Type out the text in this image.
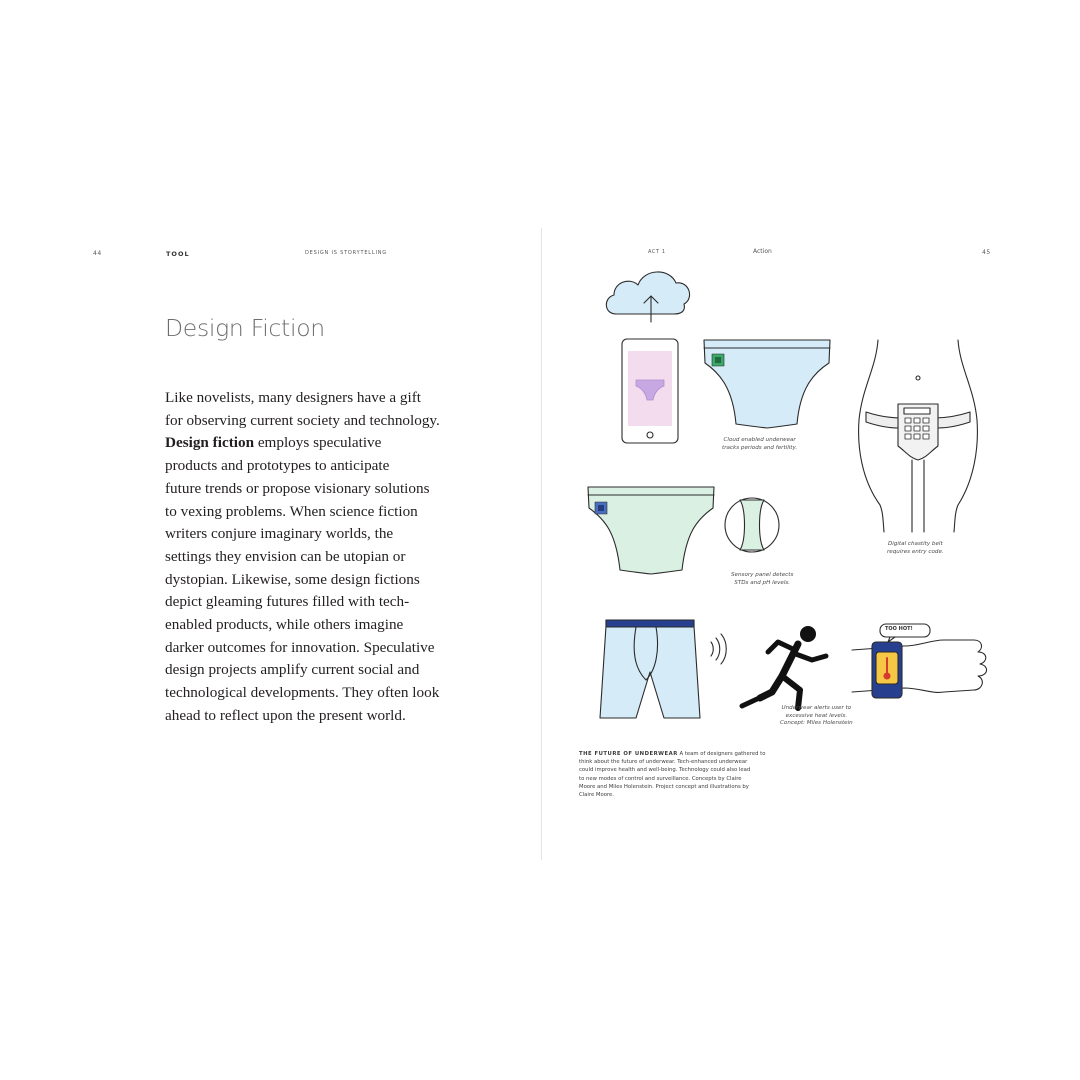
44	TOOL	DESIGN IS STORYTELLING	ACT 1	Action	45
Design Fiction
Like novelists, many designers have a gift
for observing current society and technology.
Design fiction employs speculative
products and prototypes to anticipate
future trends or propose visionary solutions
to vexing problems. When science fiction
writers conjure imaginary worlds, the
settings they envision can be utopian or
dystopian. Likewise, some design fictions
depict gleaming futures filled with tech-
enabled products, while others imagine
darker outcomes for innovation. Speculative
design projects amplify current social and
technological developments. They often look
ahead to reflect upon the present world.
Cloud enabled underwear
tracks periods and fertility.
Digital chastity belt
requires entry code.
Sensory panel detects
STDs and pH levels.
Underwear alerts user to
excessive heat levels.
Concept: Miles Holenstein
TOO HOT!
THE FUTURE OF UNDERWEAR A team of designers gathered to
think about the future of underwear. Tech-enhanced underwear
could improve health and well-being. Technology could also lead
to new modes of control and surveillance. Concepts by Claire
Moore and Miles Holenstein. Project concept and illustrations by
Claire Moore.
